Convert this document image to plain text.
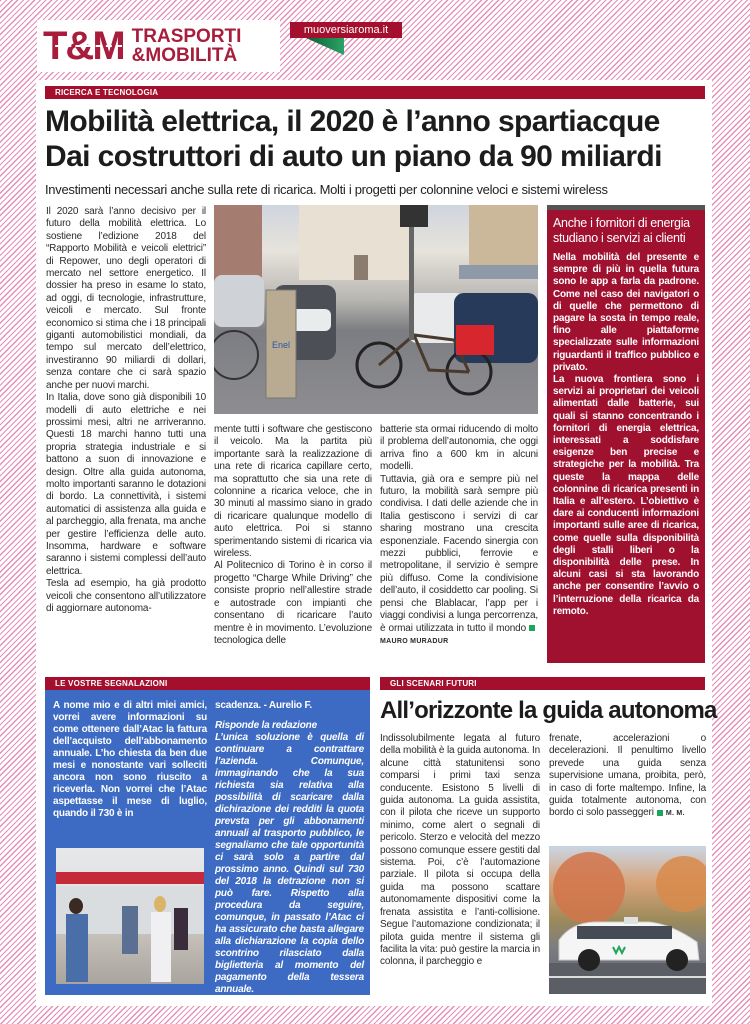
T&M TRASPORTI
&MOBILITÀ
muoversiaroma.it
RICERCA E TECNOLOGIA
Mobilità elettrica, il 2020 è l’anno spartiacque
Dai costruttori di auto un piano da 90 miliardi
Investimenti necessari anche sulla rete di ricarica. Molti i progetti per colonnine veloci e sistemi wireless

Il 2020 sarà l’anno decisivo per il futuro della mobilità elettrica. Lo sostiene l’edizione 2018 del “Rapporto Mobilità e veicoli elettrici” di Repower, uno degli operatori di mercato nel settore energetico. Il dossier ha preso in esame lo stato, ad oggi, di tecnologie, infrastrutture, veicoli e mercato. Sul fronte economico si stima che i 18 principali giganti automobilistici mondiali, da tempo sul mercato dell’elettrico, investiranno 90 miliardi di dollari, senza contare che ci sarà spazio anche per nuovi marchi.

In Italia, dove sono già disponibili 10 modelli di auto elettriche e nei prossimi mesi, altri ne arriveranno. Questi 18 marchi hanno tutti una propria strategia industriale e si battono a suon di innovazione e design. Oltre alla guida autonoma, molto importanti saranno le dotazioni di bordo. La connettività, i sistemi automatici di assistenza alla guida e al parcheggio, alla frenata, ma anche per gestire l’efficienza delle auto. Insomma, hardware e software saranno i sistemi complessi dell’auto elettrica.

Tesla ad esempio, ha già prodotto veicoli che consentono all’utilizzatore di aggiornare autonoma-

Enel

mente tutti i software che gestiscono il veicolo. Ma la partita più importante sarà la realizzazione di una rete di ricarica capillare certo, ma soprattutto che sia una rete di colonnine a ricarica veloce, che in 30 minuti al massimo siano in grado di ricaricare qualunque modello di auto elettrica. Poi si stanno sperimentando sistemi di ricarica via wireless.

Al Politecnico di Torino è in corso il progetto “Charge While Driving” che consiste proprio nell’allestire strade e autostrade con impianti che consentano di ricaricare l’auto mentre è in movimento. L’evoluzione tecnologica delle

batterie sta ormai riducendo di molto il problema dell’autonomia, che oggi arriva fino a 600 km in alcuni modelli.

Tuttavia, già ora e sempre più nel futuro, la mobilità sarà sempre più condivisa. I dati delle aziende che in Italia gestiscono i servizi di car sharing mostrano una crescita esponenziale. Facendo sinergia con mezzi pubblici, ferrovie e metropolitane, il servizio è sempre più diffuso. Come la condivisione dell’auto, il cosiddetto car pooling. Si pensi che Blablacar, l’app per i viaggi condivisi a lunga percorrenza, è ormai utilizzata in tutto il mondoMAURO MURADUR

Anche i fornitori di energia studiano i servizi ai clienti

Nella mobilità del presente e sempre di più in quella futura sono le app a farla da padrone. Come nel caso dei navigatori o di quelle che permettono di pagare la sosta in tempo reale, fino alle piattaforme specializzate sulle informazioni riguardanti il traffico pubblico e privato.

La nuova frontiera sono i servizi ai proprietari dei veicoli alimentati dalle batterie, sui quali si stanno concentrando i fornitori di energia elettrica, interessati a soddisfare esigenze ben precise e strategiche per la mobilità. Tra queste la mappa delle colonnine di ricarica presenti in Italia e all’estero. L’obiettivo è dare ai conducenti informazioni importanti sulle aree di ricarica, come quelle sulla disponibilità degli stalli liberi o la disponibilità delle prese. In alcuni casi si sta lavorando anche per consentire l’avvio o l’interruzione della ricarica da remoto.

LE VOSTRE SEGNALAZIONI
A nome mio e di altri miei amici, vorrei avere informazioni su come ottenere dall’Atac la fattura dell’acquisto dell’abbonamento annuale. L’ho chiesta da ben due mesi e nonostante vari solleciti ancora non sono riuscito a riceverla. Non vorrei che l’Atac aspettasse il mese di luglio, quando il 730 è in

scadenza. - Aurelio F.

Risponde la redazione

L’unica soluzione è quella di continuare a contrattare l’azienda. Comunque, immaginando che la sua richiesta sia relativa alla possibilità di scaricare dalla dichirazione dei redditi la quota prevsta per gli abbonamenti annuali al trasporto pubblico, le segnaliamo che tale opportunità ci sarà solo a partire dal prossimo anno. Quindi sul 730 del 2018 la detrazione non si può fare. Rispetto alla procedura da seguire, comunque, in passato l’Atac ci ha assicurato che basta allegare alla dichiarazione la copia dello scontrino rilasciato dalla biglietteria al momento del pagamento della tessera annuale.

GLI SCENARI FUTURI
All’orizzonte la guida autonoma
Indissolubilmente legata al futuro della mobilità è la guida autonoma. In alcune città statunitensi sono comparsi i primi taxi senza conducente. Esistono 5 livelli di guida autonoma. La guida assistita, con il pilota che riceve un supporto minimo, come alert o segnali di pericolo. Sterzo e velocità del mezzo possono comunque essere gestiti dal sistema. Poi, c’è l’automazione parziale. Il pilota si occupa della guida ma possono scattare autonomamente dispositivi come la frenata assistita e l’anti-collisione. Segue l’automazione condizionata; il pilota guida mentre il sistema gli facilita la vita: può gestire la marcia in colonna, il parcheggio e
frenate, accelerazioni o decelerazioni. Il penultimo livello prevede una guida senza supervisione umana, proibita, però, in caso di forte maltempo. Infine, la guida totalmente autonoma, con bordo ci solo passeggeri M. M.
